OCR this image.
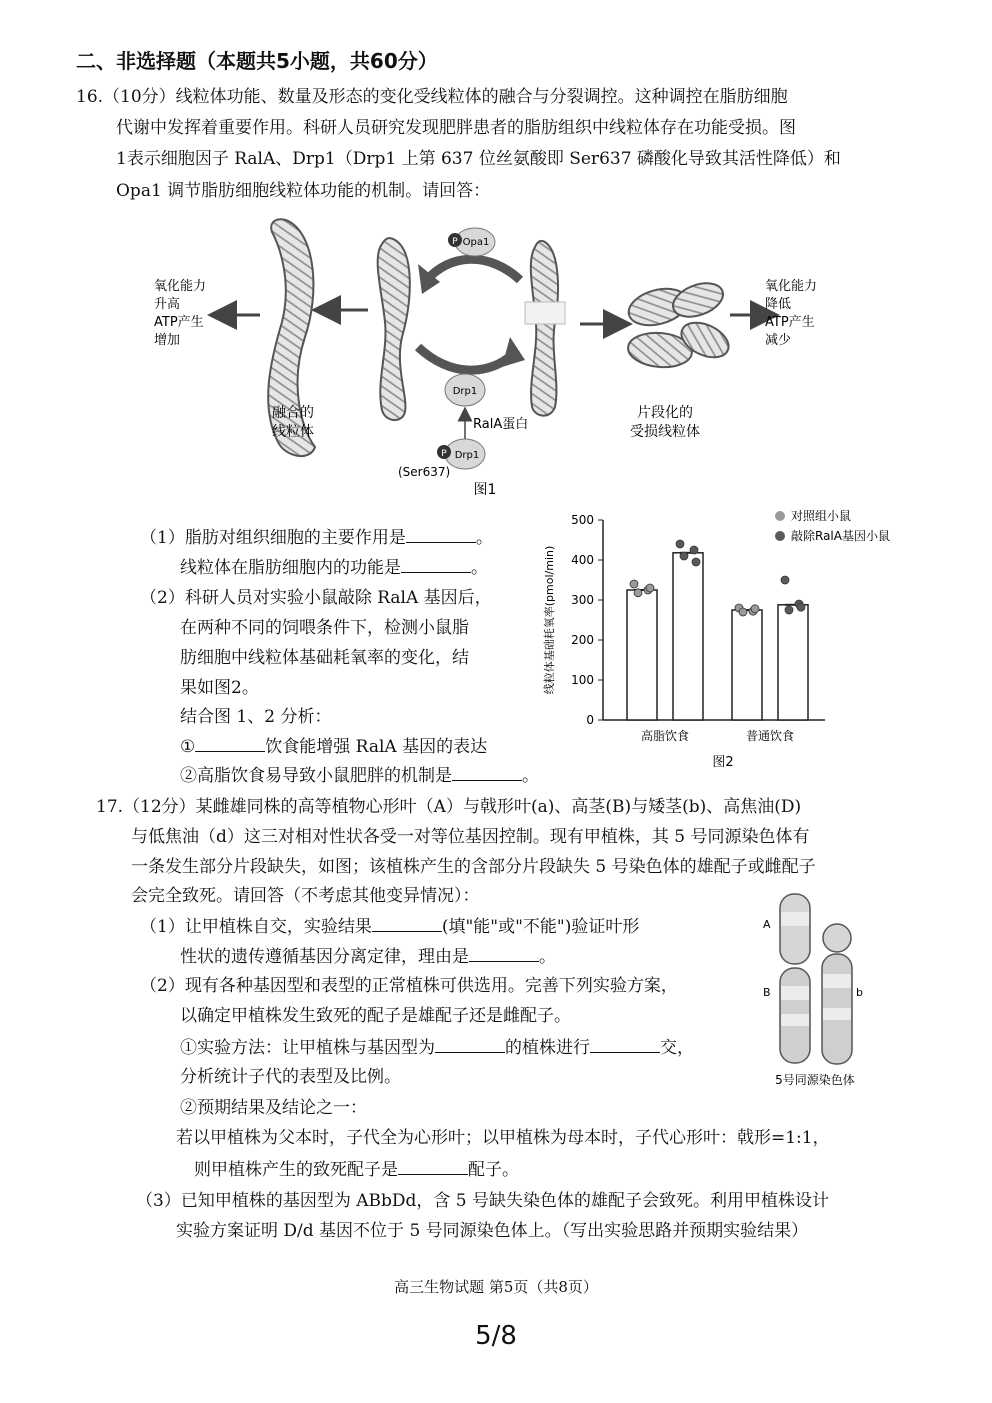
二、非选择题（本题共5小题，共60分）
16.（10分）线粒体功能、数量及形态的变化受线粒体的融合与分裂调控。这种调控在脂肪细胞
代谢中发挥着重要作用。科研人员研究发现肥胖患者的脂肪组织中线粒体存在功能受损。图
1表示细胞因子 RalA、Drp1（Drp1 上第 637 位丝氨酸即 Ser637 磷酸化导致其活性降低）和
Opa1 调节脂肪细胞线粒体功能的机制。请回答：
P Opa1
Drp1
RalA蛋白
P Drp1
(Ser637)
氧化能力
升高
ATP产生
增加
氧化能力
降低
ATP产生
减少
融合的
线粒体
片段化的
受损线粒体
图1
（1）脂肪对组织细胞的主要作用是	。
线粒体在脂肪细胞内的功能是	。
（2）科研人员对实验小鼠敲除 RalA 基因后，
在两种不同的饲喂条件下，检测小鼠脂
肪细胞中线粒体基础耗氧率的变化，结
果如图2。
结合图 1、2 分析：
①	饮食能增强 RalA 基因的表达
②高脂饮食易导致小鼠肥胖的机制是	。
0
100
200
300
400
500
线粒体基础耗氧率(pmol/min)
高脂饮食	普通饮食
对照组小鼠
敲除RalA基因小鼠
图2
17.（12分）某雌雄同株的高等植物心形叶（A）与戟形叶(a)、高茎(B)与矮茎(b)、高焦油(D)
与低焦油（d）这三对相对性状各受一对等位基因控制。现有甲植株，其 5 号同源染色体有
一条发生部分片段缺失，如图；该植株产生的含部分片段缺失 5 号染色体的雄配子或雌配子
会完全致死。请回答（不考虑其他变异情况）：
（1）让甲植株自交，实验结果	(填"能"或"不能")验证叶形
性状的遗传遵循基因分离定律，理由是	。
（2）现有各种基因型和表型的正常植株可供选用。完善下列实验方案，
以确定甲植株发生致死的配子是雄配子还是雌配子。
①实验方法：让甲植株与基因型为	的植株进行	交，
分析统计子代的表型及比例。
②预期结果及结论之一：
若以甲植株为父本时，子代全为心形叶；以甲植株为母本时，子代心形叶：戟形=1:1，
则甲植株产生的致死配子是	配子。
（3）已知甲植株的基因型为 ABbDd，含 5 号缺失染色体的雄配子会致死。利用甲植株设计
实验方案证明 D/d 基因不位于 5 号同源染色体上。（写出实验思路并预期实验结果）
A
B	b
5号同源染色体
高三生物试题 第5页（共8页）
5/8
